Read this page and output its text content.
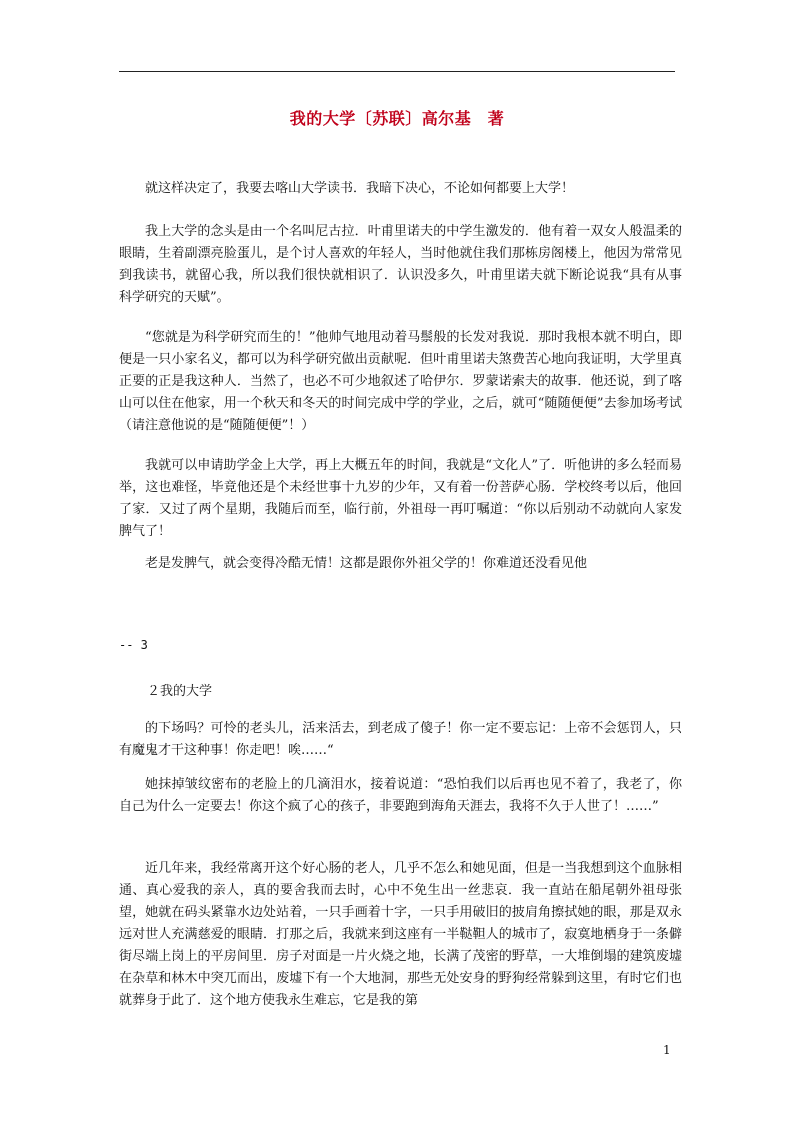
我的大学〔苏联〕高尔基　著

就这样决定了，我要去喀山大学读书．我暗下决心，不论如何都要上大学！

我上大学的念头是由一个名叫尼古拉．叶甫里诺夫的中学生激发的．他有着一双女人般温柔的眼睛，生着副漂亮脸蛋儿，是个讨人喜欢的年轻人，当时他就住我们那栋房阁楼上，他因为常常见到我读书，就留心我，所以我们很快就相识了．认识没多久，叶甫里诺夫就下断论说我“具有从事科学研究的天赋”。

“您就是为科学研究而生的！”他帅气地甩动着马鬃般的长发对我说．那时我根本就不明白，即便是一只小家名义，都可以为科学研究做出贡献呢．但叶甫里诺夫煞费苦心地向我证明，大学里真正要的正是我这种人．当然了，也必不可少地叙述了哈伊尔．罗蒙诺索夫的故事．他还说，到了喀山可以住在他家，用一个秋天和冬天的时间完成中学的学业，之后，就可“随随便便”去参加场考试（请注意他说的是“随随便便”！）

我就可以申请助学金上大学，再上大概五年的时间，我就是“文化人”了．听他讲的多么轻而易举，这也难怪，毕竟他还是个未经世事十九岁的少年，又有着一份菩萨心肠．学校终考以后，他回了家．又过了两个星期，我随后而至，临行前，外祖母一再叮嘱道：“你以后别动不动就向人家发脾气了！

老是发脾气，就会变得冷酷无情！这都是跟你外祖父学的！你难道还没看见他

-- 3
２我的大学

的下场吗？可怜的老头儿，活来活去，到老成了傻子！你一定不要忘记：上帝不会惩罚人，只有魔鬼才干这种事！你走吧！唉……“

她抹掉皱纹密布的老脸上的几滴泪水，接着说道：“恐怕我们以后再也见不着了，我老了，你自己为什么一定要去！你这个疯了心的孩子，非要跑到海角天涯去，我将不久于人世了！……”

近几年来，我经常离开这个好心肠的老人，几乎不怎么和她见面，但是一当我想到这个血脉相通、真心爱我的亲人，真的要舍我而去时，心中不免生出一丝悲哀．我一直站在船尾朝外祖母张望，她就在码头紧靠水边处站着，一只手画着十字，一只手用破旧的披肩角擦拭她的眼，那是双永远对世人充满慈爱的眼睛．打那之后，我就来到这座有一半鞑靼人的城市了，寂寞地栖身于一条僻街尽端上岗上的平房间里．房子对面是一片火烧之地，长满了茂密的野草，一大堆倒塌的建筑废墟在杂草和林木中突兀而出，废墟下有一个大地洞，那些无处安身的野狗经常躲到这里，有时它们也就葬身于此了．这个地方使我永生难忘，它是我的第

1
